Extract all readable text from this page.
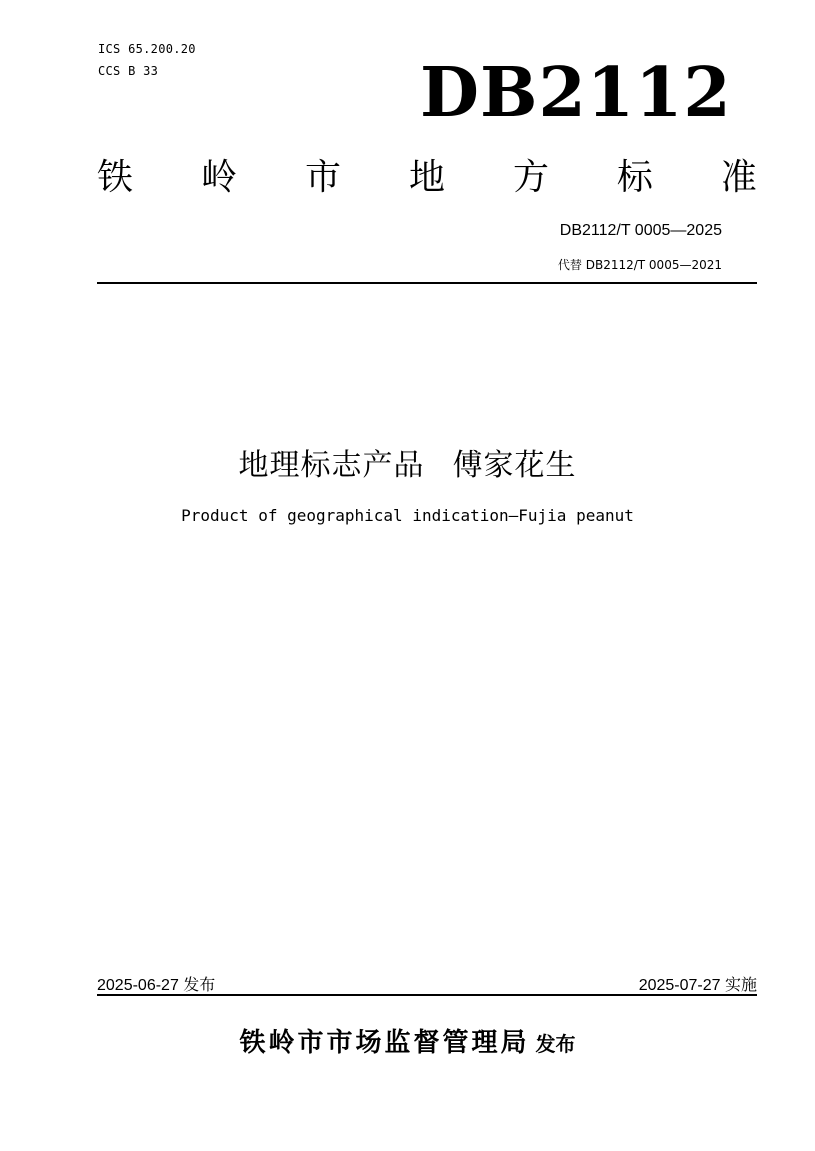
ICS 65.200.20
CCS B 33	DB2112
铁 岭 市 地 方 标 准
DB2112/T 0005—2025
代替 DB2112/T 0005—2021
地理标志产品 傅家花生
Product of geographical indication—Fujia peanut
2025-06-27 发布	2025-07-27 实施
铁岭市市场监督管理局 发布
